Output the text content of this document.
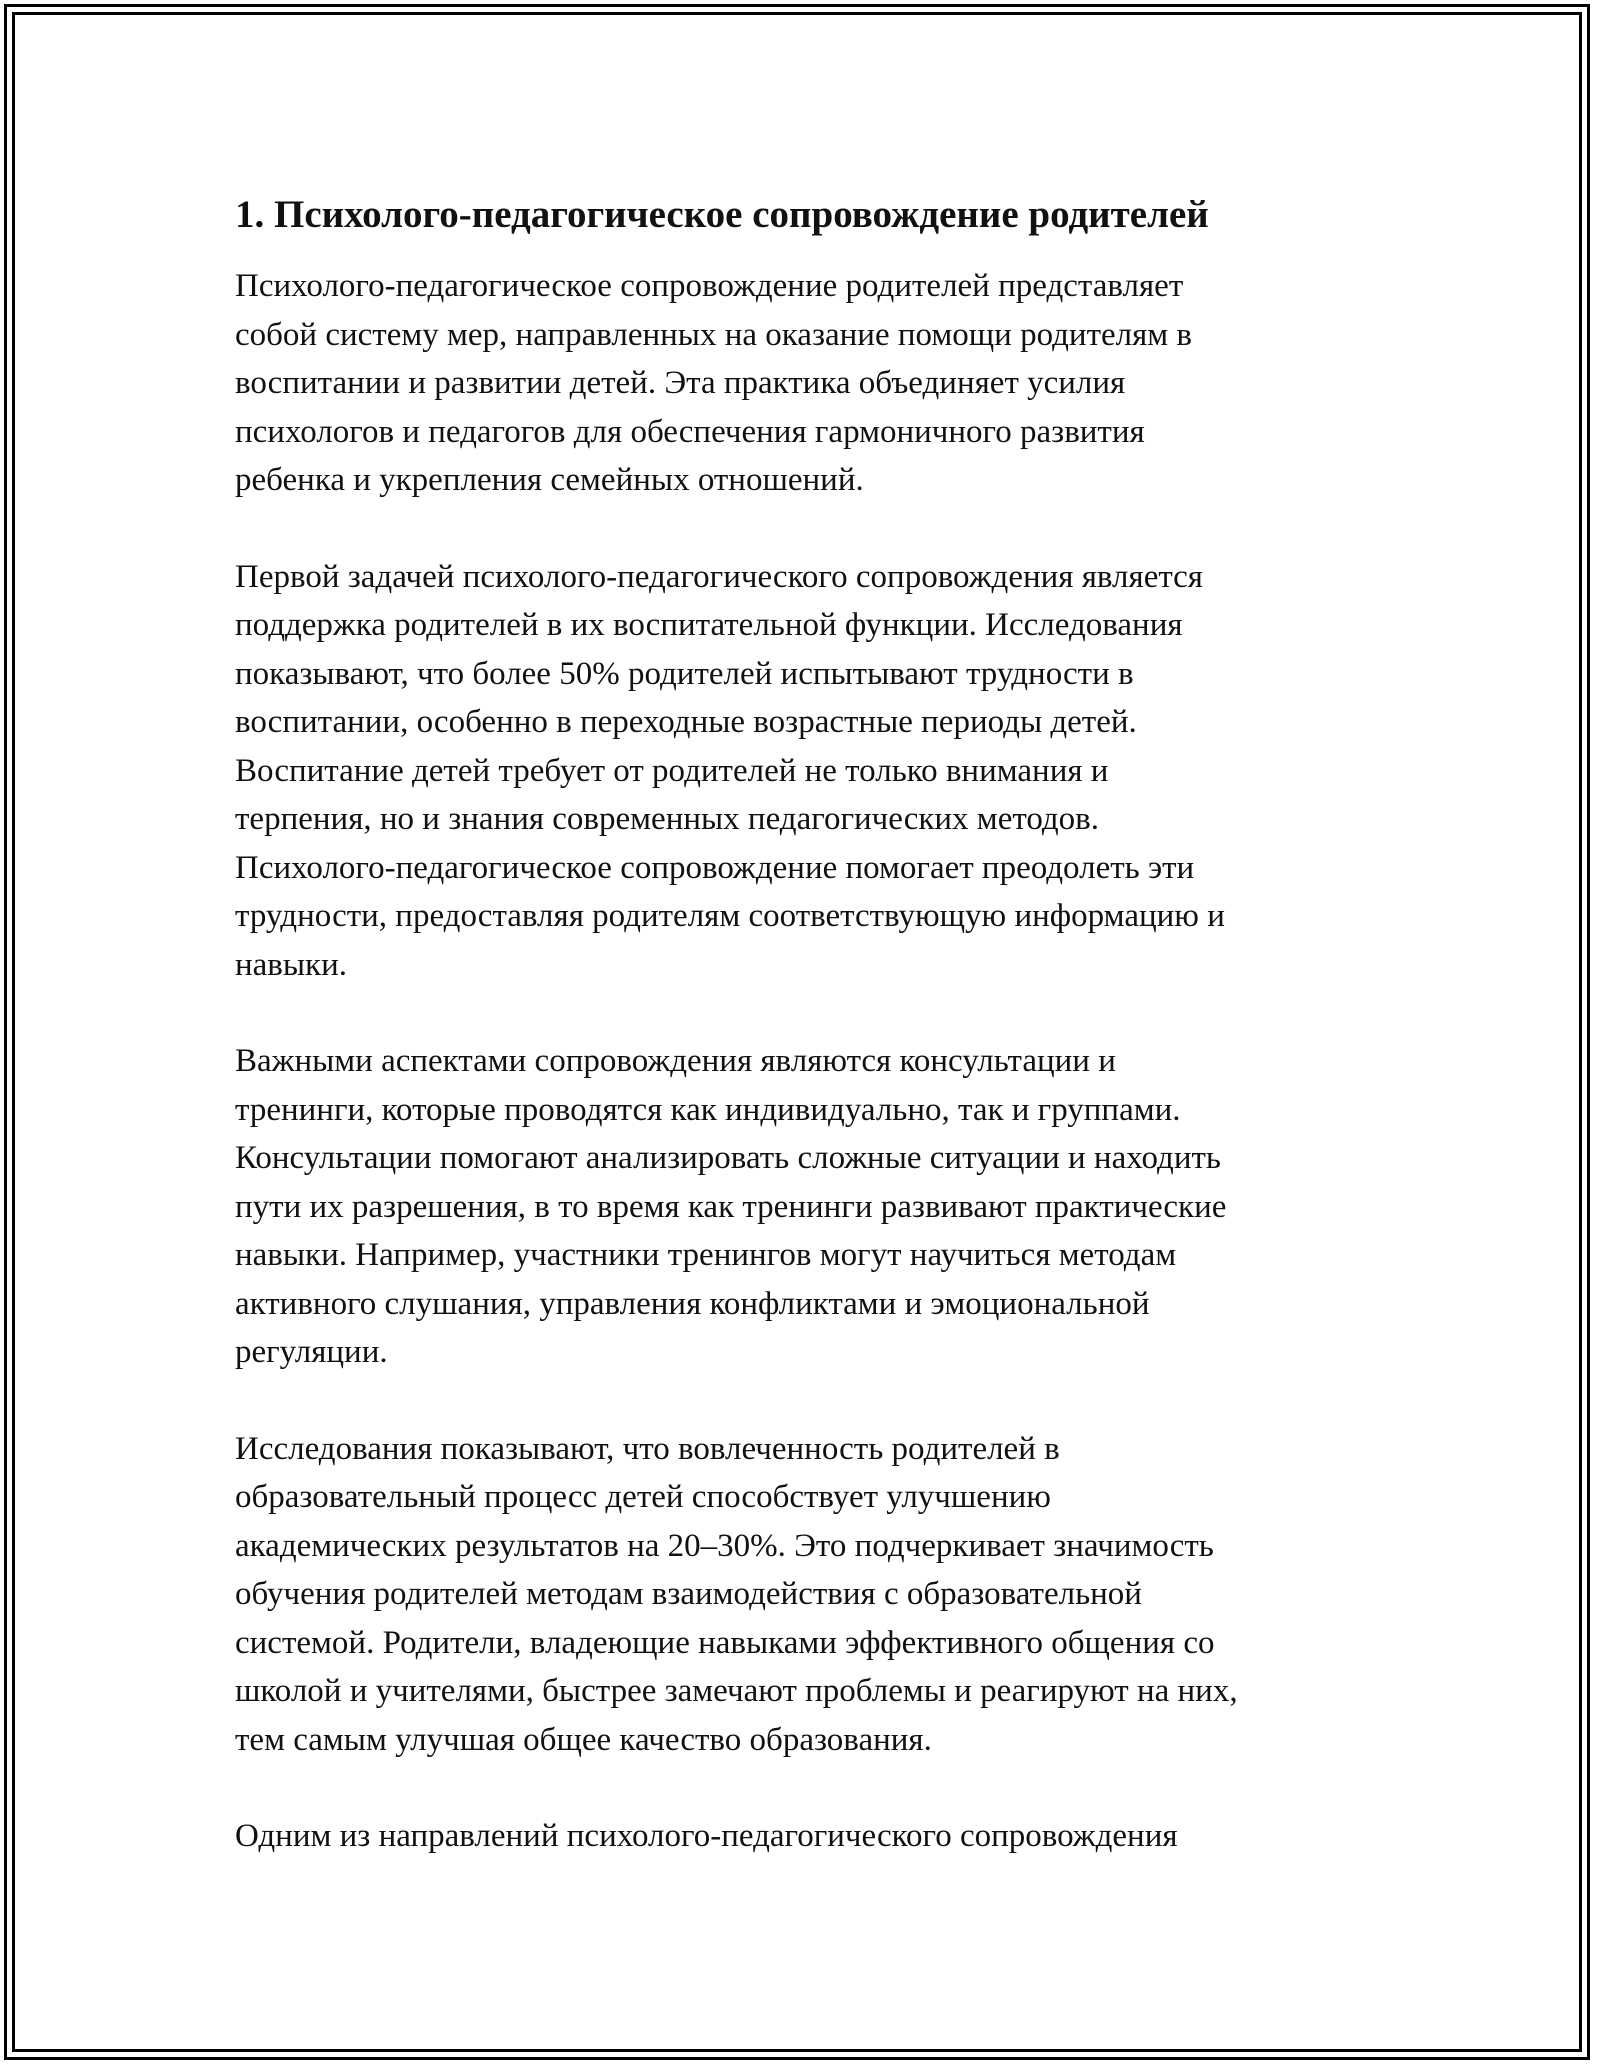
1. Психолого-педагогическое сопровождение родителей

Психолого-педагогическое сопровождение родителей представляет
собой систему мер, направленных на оказание помощи родителям в
воспитании и развитии детей. Эта практика объединяет усилия
психологов и педагогов для обеспечения гармоничного развития
ребенка и укрепления семейных отношений.

Первой задачей психолого-педагогического сопровождения является
поддержка родителей в их воспитательной функции. Исследования
показывают, что более 50% родителей испытывают трудности в
воспитании, особенно в переходные возрастные периоды детей.
Воспитание детей требует от родителей не только внимания и
терпения, но и знания современных педагогических методов.
Психолого-педагогическое сопровождение помогает преодолеть эти
трудности, предоставляя родителям соответствующую информацию и
навыки.

Важными аспектами сопровождения являются консультации и
тренинги, которые проводятся как индивидуально, так и группами.
Консультации помогают анализировать сложные ситуации и находить
пути их разрешения, в то время как тренинги развивают практические
навыки. Например, участники тренингов могут научиться методам
активного слушания, управления конфликтами и эмоциональной
регуляции.

Исследования показывают, что вовлеченность родителей в
образовательный процесс детей способствует улучшению
академических результатов на 20–30%. Это подчеркивает значимость
обучения родителей методам взаимодействия с образовательной
системой. Родители, владеющие навыками эффективного общения со
школой и учителями, быстрее замечают проблемы и реагируют на них,
тем самым улучшая общее качество образования.

Одним из направлений психолого-педагогического сопровождения
